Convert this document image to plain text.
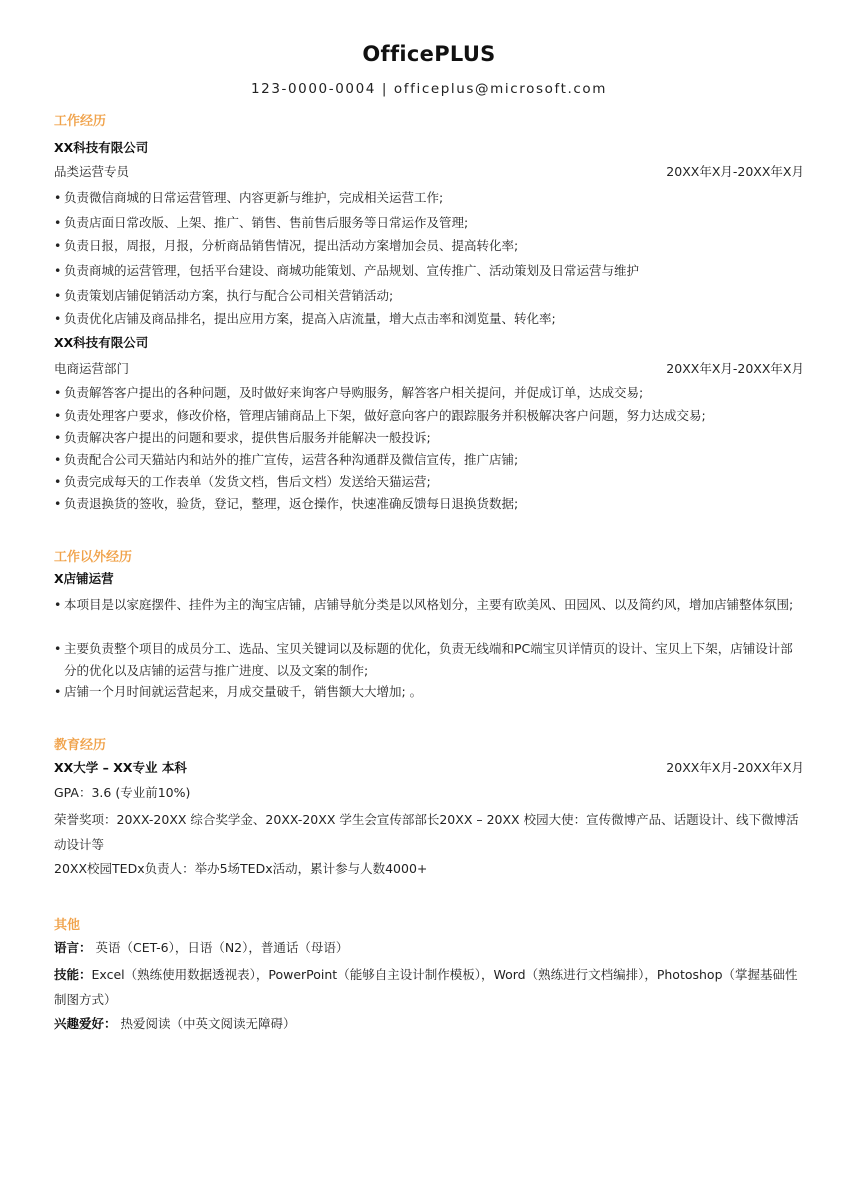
OfficePLUS
123-0000-0004 | officeplus@microsoft.com
工作经历
XX科技有限公司
品类运营专员	20XX年X月-20XX年X月
• 负责微信商城的日常运营管理、内容更新与维护，完成相关运营工作;
• 负责店面日常改版、上架、推广、销售、售前售后服务等日常运作及管理;
• 负责日报，周报，月报，分析商品销售情况，提出活动方案增加会员、提高转化率;
• 负责商城的运营管理，包括平台建设、商城功能策划、产品规划、宣传推广、活动策划及日常运营与维护
• 负责策划店铺促销活动方案，执行与配合公司相关营销活动;
• 负责优化店铺及商品排名，提出应用方案，提高入店流量，增大点击率和浏览量、转化率;
XX科技有限公司
电商运营部门	20XX年X月-20XX年X月
• 负责解答客户提出的各种问题，及时做好来询客户导购服务，解答客户相关提问，并促成订单，达成交易;
• 负责处理客户要求，修改价格，管理店铺商品上下架，做好意向客户的跟踪服务并积极解决客户问题，努力达成交易;
• 负责解决客户提出的问题和要求，提供售后服务并能解决一般投诉;
• 负责配合公司天猫站内和站外的推广宣传，运营各种沟通群及微信宣传，推广店铺;
• 负责完成每天的工作表单（发货文档，售后文档）发送给天猫运营;
• 负责退换货的签收，验货，登记，整理，返仓操作，快速准确反馈每日退换货数据;
工作以外经历
X店铺运营
• 本项目是以家庭摆件、挂件为主的淘宝店铺，店铺导航分类是以风格划分，主要有欧美风、田园风、以及简约风，增加店铺整体氛围;
• 主要负责整个项目的成员分工、选品、宝贝关键词以及标题的优化，负责无线端和PC端宝贝详情页的设计、宝贝上下架，店铺设计部分的优化以及店铺的运营与推广进度、以及文案的制作;
• 店铺一个月时间就运营起来，月成交量破千，销售额大大增加; 。
教育经历
XX大学 – XX专业 本科	20XX年X月-20XX年X月
GPA：3.6 (专业前10%)
荣誉奖项：20XX-20XX 综合奖学金、20XX-20XX 学生会宣传部部长20XX – 20XX 校园大使：宣传微博产品、话题设计、线下微博活动设计等
20XX校园TEDx负责人：举办5场TEDx活动，累计参与人数4000+
其他
语言： 英语（CET-6），日语（N2），普通话（母语）
技能：Excel（熟练使用数据透视表），PowerPoint（能够自主设计制作模板），Word（熟练进行文档编排），Photoshop（掌握基础性制图方式）
兴趣爱好： 热爱阅读（中英文阅读无障碍）
